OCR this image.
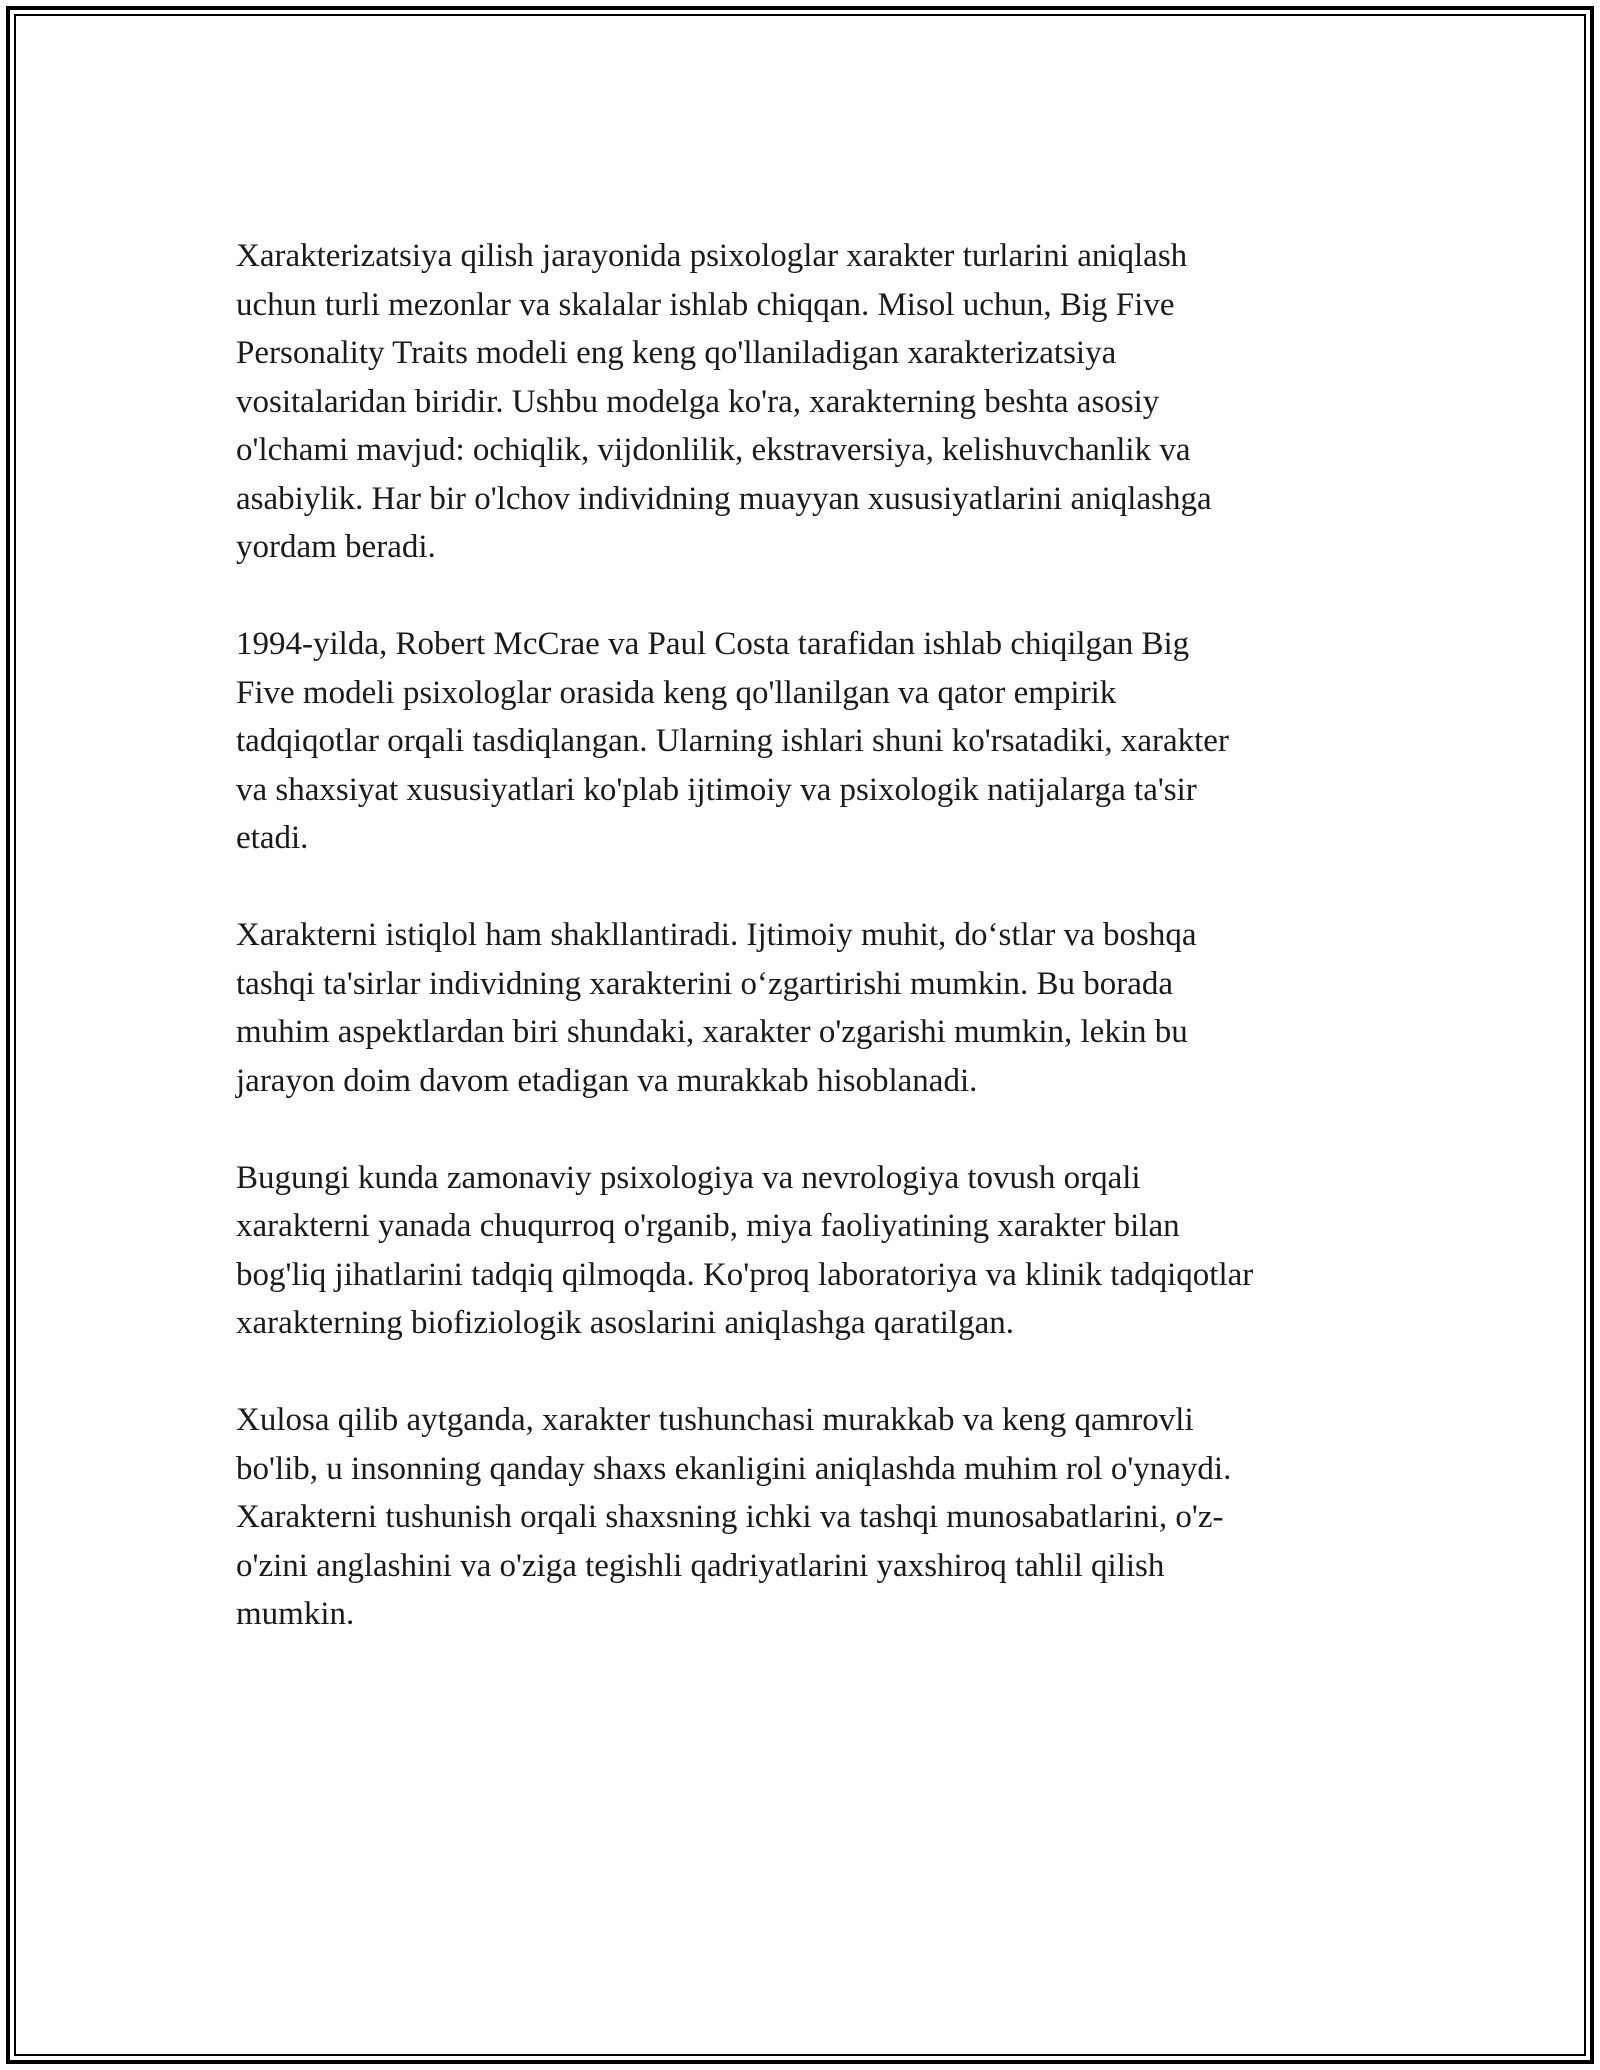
Xarakterizatsiya qilish jarayonida psixologlar xarakter turlarini aniqlash
uchun turli mezonlar va skalalar ishlab chiqqan. Misol uchun, Big Five
Personality Traits modeli eng keng qo'llaniladigan xarakterizatsiya
vositalaridan biridir. Ushbu modelga ko'ra, xarakterning beshta asosiy
o'lchami mavjud: ochiqlik, vijdonlilik, ekstraversiya, kelishuvchanlik va
asabiylik. Har bir o'lchov individning muayyan xususiyatlarini aniqlashga
yordam beradi.

1994-yilda, Robert McCrae va Paul Costa tarafidan ishlab chiqilgan Big
Five modeli psixologlar orasida keng qo'llanilgan va qator empirik
tadqiqotlar orqali tasdiqlangan. Ularning ishlari shuni ko'rsatadiki, xarakter
va shaxsiyat xususiyatlari ko'plab ijtimoiy va psixologik natijalarga ta'sir
etadi.

Xarakterni istiqlol ham shakllantiradi. Ijtimoiy muhit, do‘stlar va boshqa
tashqi ta'sirlar individning xarakterini o‘zgartirishi mumkin. Bu borada
muhim aspektlardan biri shundaki, xarakter o'zgarishi mumkin, lekin bu
jarayon doim davom etadigan va murakkab hisoblanadi.

Bugungi kunda zamonaviy psixologiya va nevrologiya tovush orqali
xarakterni yanada chuqurroq o'rganib, miya faoliyatining xarakter bilan
bog'liq jihatlarini tadqiq qilmoqda. Ko'proq laboratoriya va klinik tadqiqotlar
xarakterning biofiziologik asoslarini aniqlashga qaratilgan.

Xulosa qilib aytganda, xarakter tushunchasi murakkab va keng qamrovli
bo'lib, u insonning qanday shaxs ekanligini aniqlashda muhim rol o'ynaydi.
Xarakterni tushunish orqali shaxsning ichki va tashqi munosabatlarini, o'z-
o'zini anglashini va o'ziga tegishli qadriyatlarini yaxshiroq tahlil qilish
mumkin.
